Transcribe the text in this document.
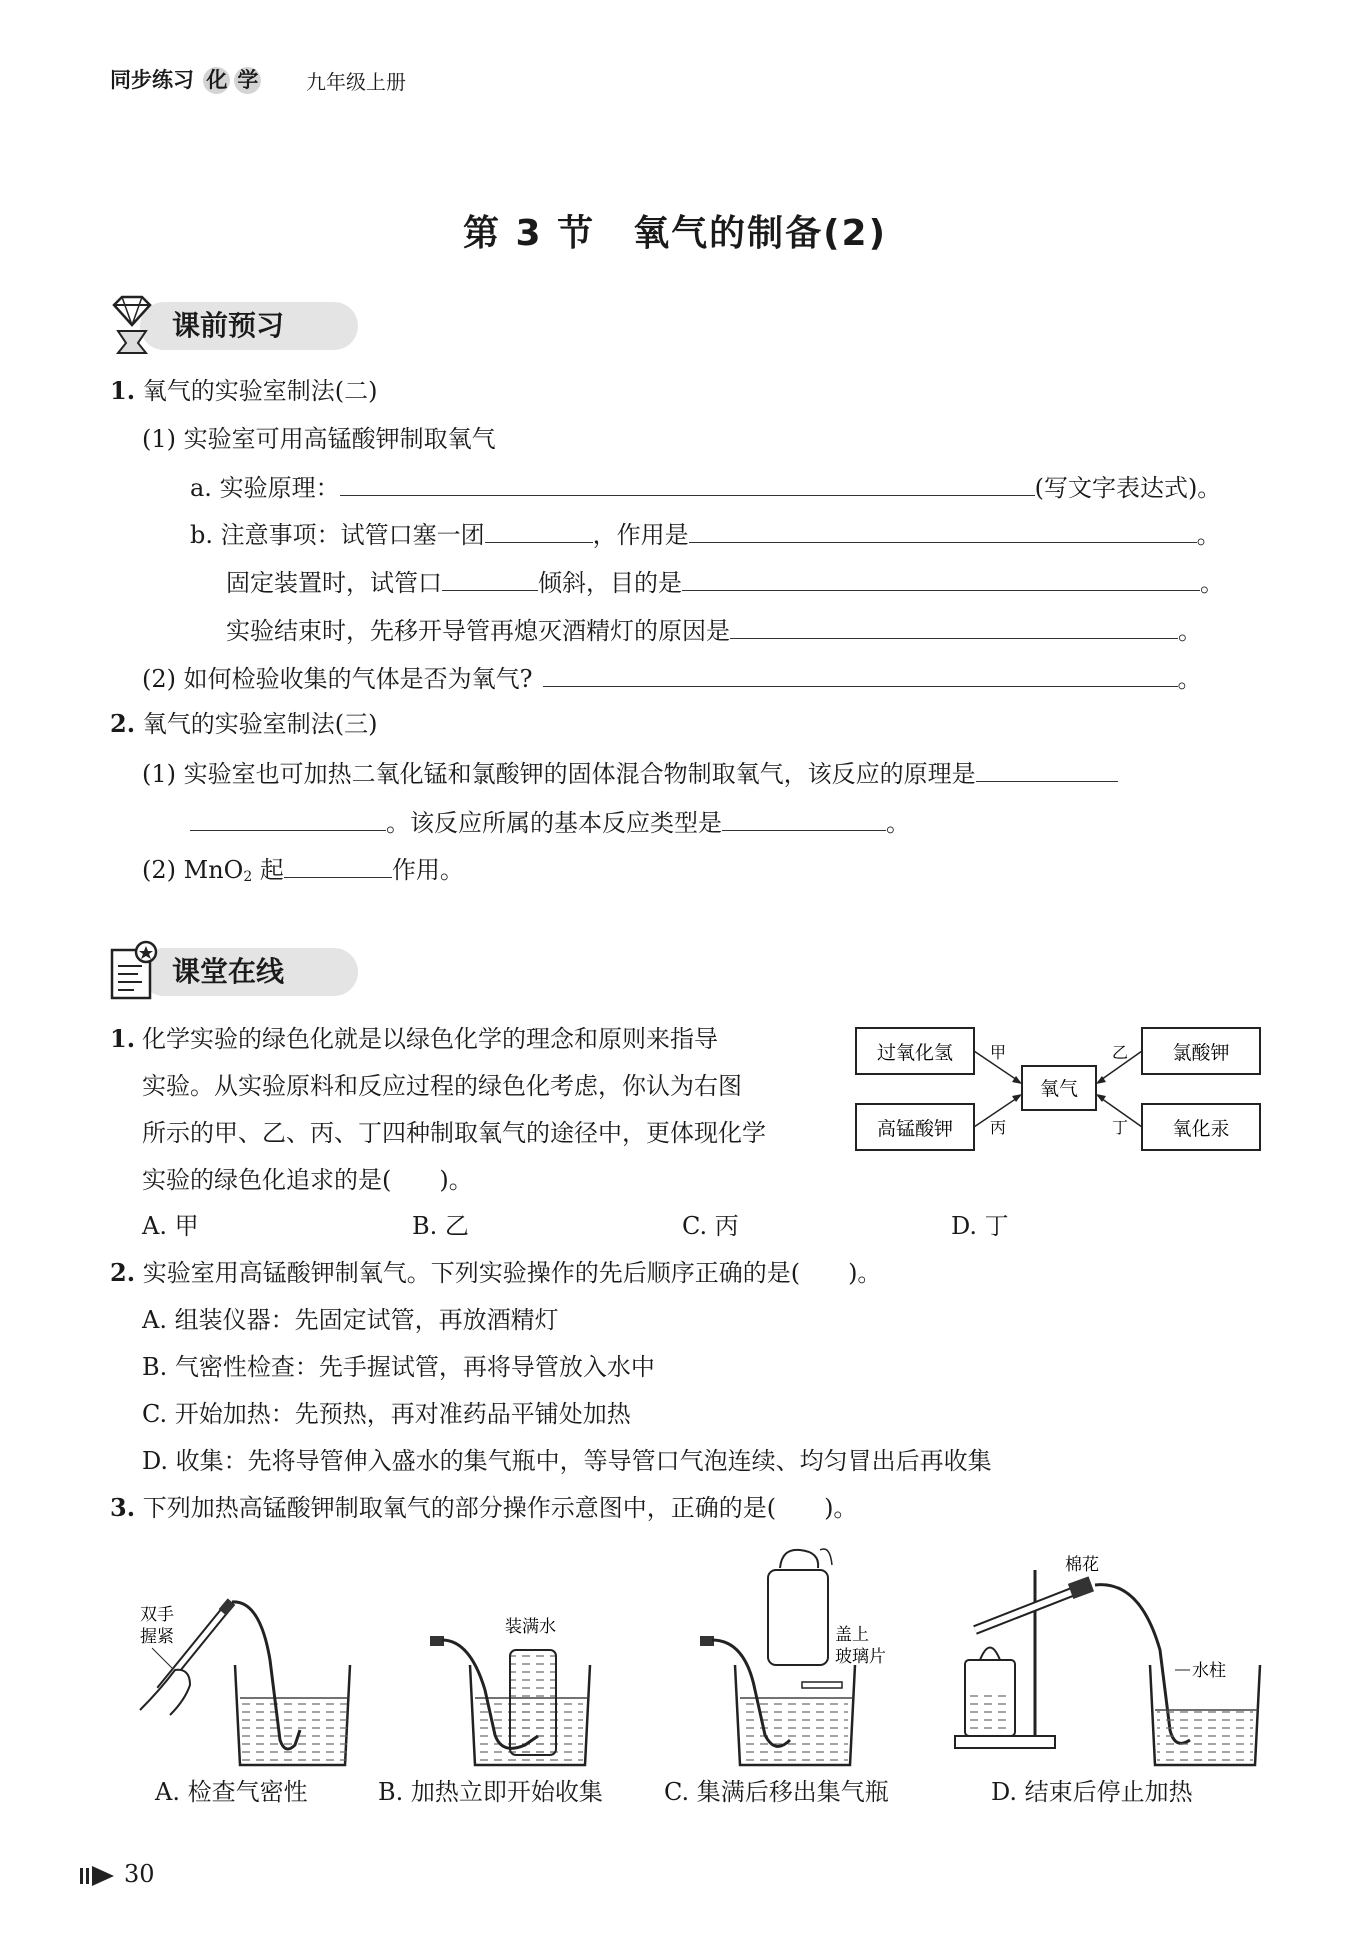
同步练习 化 学 九年级上册
第 3 节　氧气的制备(2)
课前预习
1. 氧气的实验室制法(二)
(1) 实验室可用高锰酸钾制取氧气
a. 实验原理：	(写文字表达式)。
b. 注意事项：试管口塞一团	，作用是	。
固定装置时，试管口	倾斜，目的是	。
实验结束时，先移开导管再熄灭酒精灯的原因是	。
(2) 如何检验收集的气体是否为氧气?	。
2. 氧气的实验室制法(三)
(1) 实验室也可加热二氧化锰和氯酸钾的固体混合物制取氧气，该反应的原理是
。该反应所属的基本反应类型是	。
(2) MnO$_2$ 起	作用。
课堂在线
1. 化学实验的绿色化就是以绿色化学的理念和原则来指导
实验。从实验原料和反应过程的绿色化考虑，你认为右图
所示的甲、乙、丙、丁四种制取氧气的途径中，更体现化学
实验的绿色化追求的是(　　)。
A. 甲	B. 乙	C. 丙	D. 丁
过氧化氢
高锰酸钾
氯酸钾
氧化汞
氧气
甲
丙
乙
丁
2. 实验室用高锰酸钾制氧气。下列实验操作的先后顺序正确的是(　　)。
A. 组装仪器：先固定试管，再放酒精灯
B. 气密性检查：先手握试管，再将导管放入水中
C. 开始加热：先预热，再对准药品平铺处加热
D. 收集：先将导管伸入盛水的集气瓶中，等导管口气泡连续、均匀冒出后再收集
3. 下列加热高锰酸钾制取氧气的部分操作示意图中，正确的是(　　)。
双手
握紧	装满水	盖上
玻璃片
棉花
水柱
A. 检查气密性	B. 加热立即开始收集	C. 集满后移出集气瓶	D. 结束后停止加热
30
